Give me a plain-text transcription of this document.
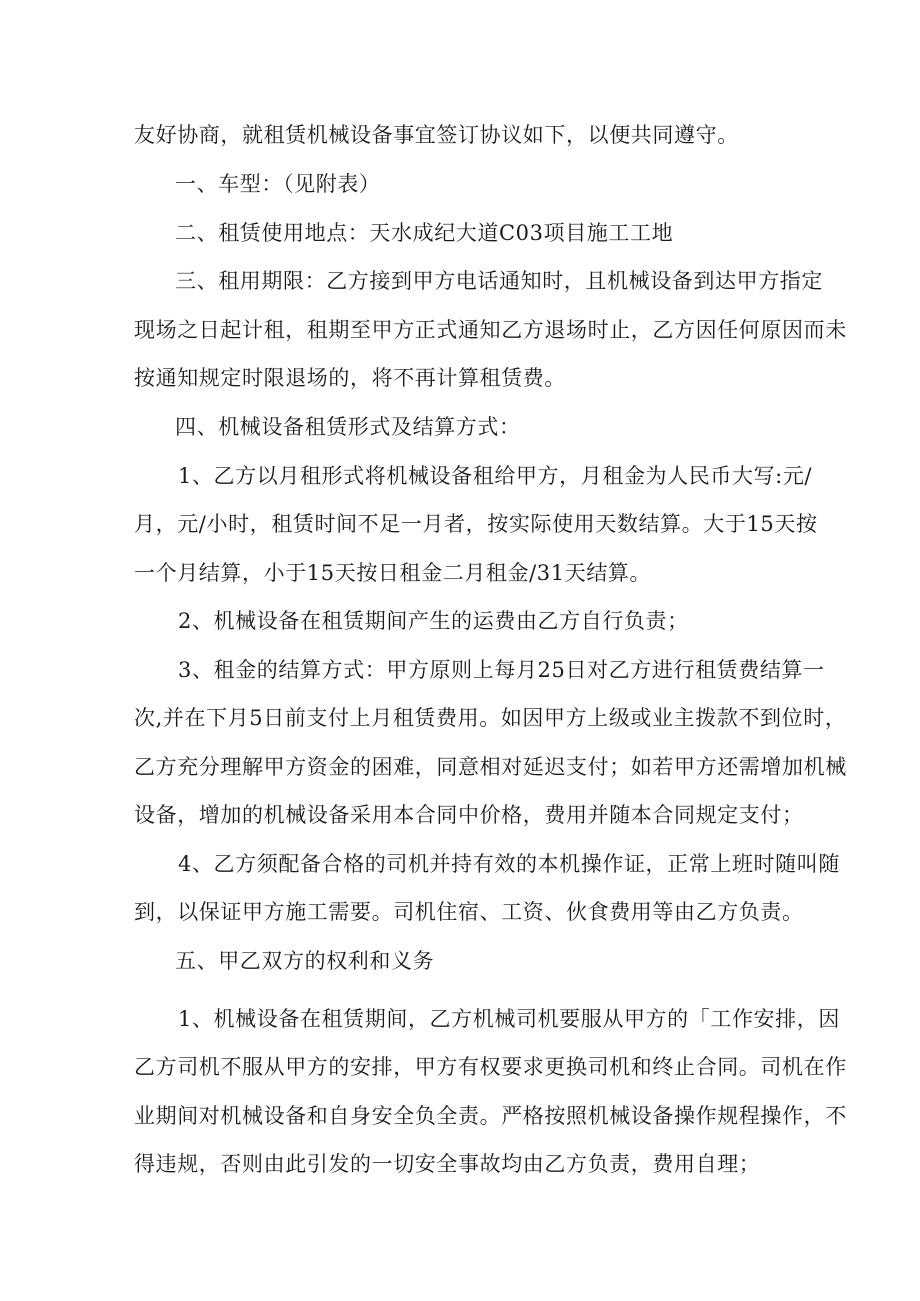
友好协商，就租赁机械设备事宜签订协议如下，以便共同遵守。
一、车型：（见附表）
二、租赁使用地点：天水成纪大道C03项目施工工地
三、租用期限：乙方接到甲方电话通知时，且机械设备到达甲方指定
现场之日起计租，租期至甲方正式通知乙方退场时止，乙方因任何原因而未
按通知规定时限退场的，将不再计算租赁费。
四、机械设备租赁形式及结算方式：
1、乙方以月租形式将机械设备租给甲方，月租金为人民币大写:元/
月，元/小时，租赁时间不足一月者，按实际使用天数结算。大于15天按
一个月结算，小于15天按日租金二月租金/31天结算。
2、机械设备在租赁期间产生的运费由乙方自行负责；
3、租金的结算方式：甲方原则上每月25日对乙方进行租赁费结算一
次,并在下月5日前支付上月租赁费用。如因甲方上级或业主拨款不到位时，
乙方充分理解甲方资金的困难，同意相对延迟支付；如若甲方还需增加机械
设备，增加的机械设备采用本合同中价格，费用并随本合同规定支付；
4、乙方须配备合格的司机并持有效的本机操作证，正常上班时随叫随
到，以保证甲方施工需要。司机住宿、工资、伙食费用等由乙方负责。
五、甲乙双方的权利和义务
1、机械设备在租赁期间，乙方机械司机要服从甲方的「工作安排，因
乙方司机不服从甲方的安排，甲方有权要求更换司机和终止合同。司机在作
业期间对机械设备和自身安全负全责。严格按照机械设备操作规程操作，不
得违规，否则由此引发的一切安全事故均由乙方负责，费用自理；
